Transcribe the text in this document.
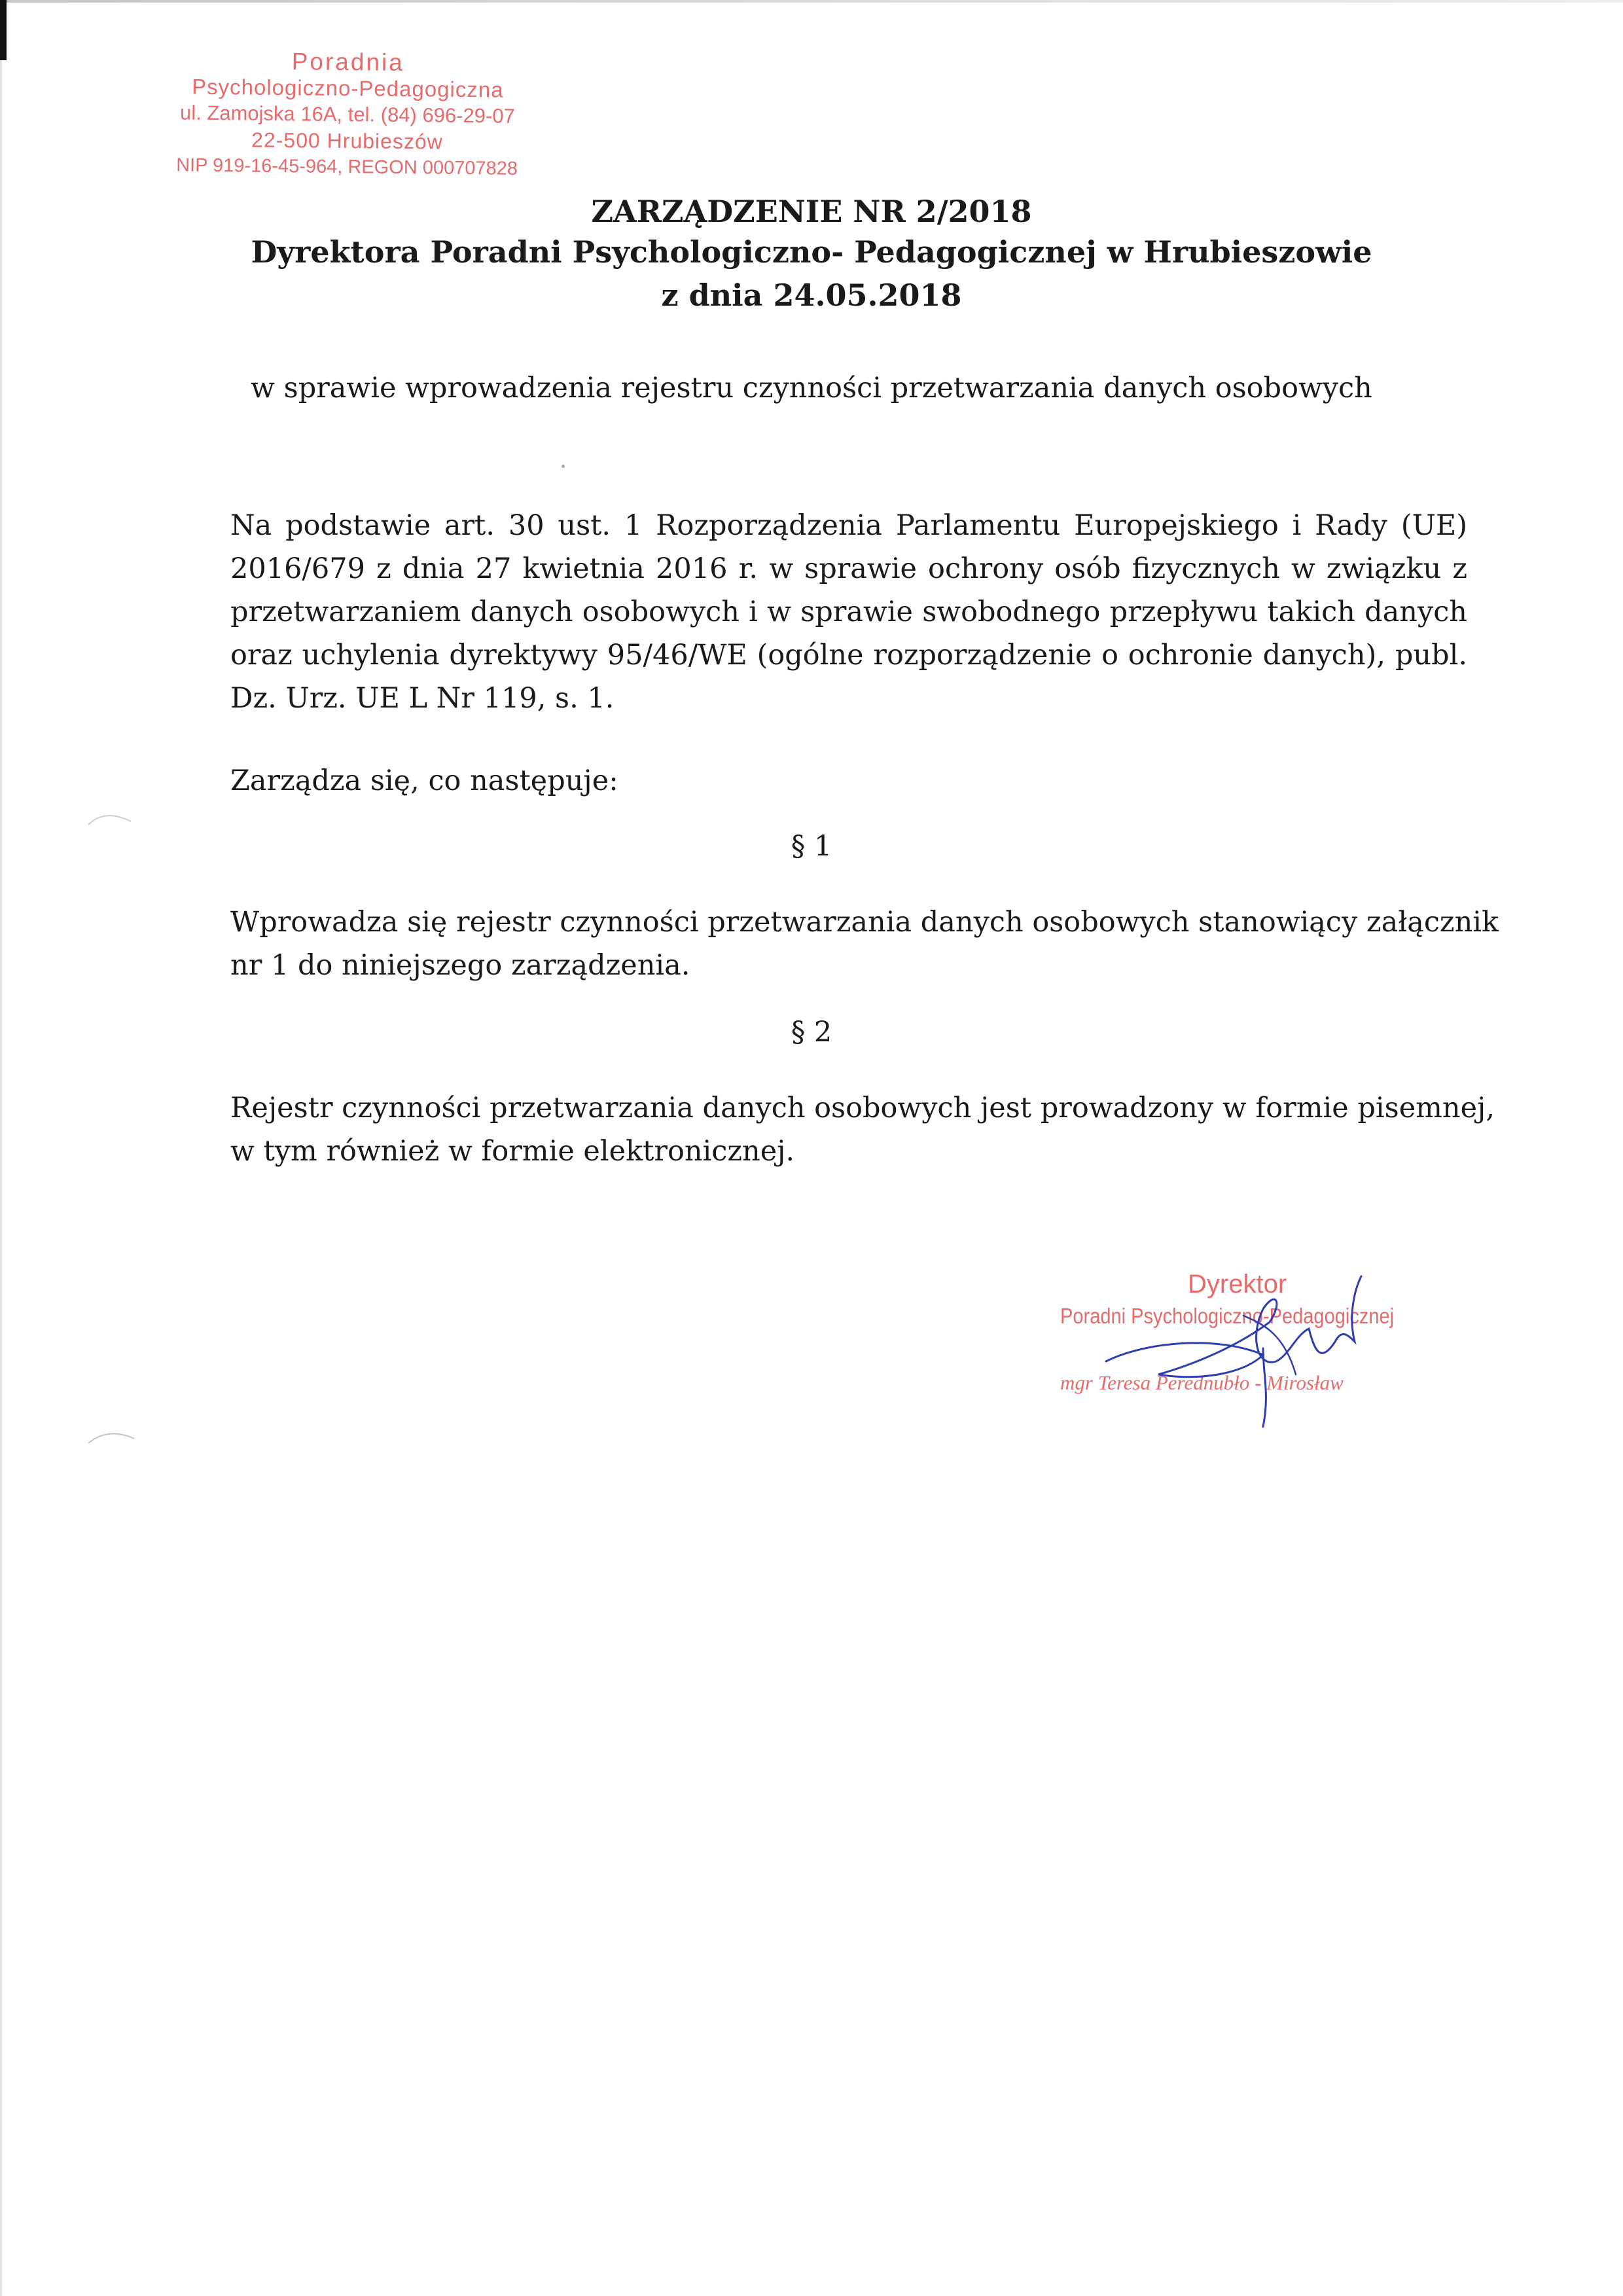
Poradnia
Psychologiczno-Pedagogiczna
ul. Zamojska 16A, tel. (84) 696-29-07
22-500 Hrubieszów
NIP 919-16-45-964, REGON 000707828
ZARZĄDZENIE NR 2/2018
Dyrektora Poradni Psychologiczno- Pedagogicznej w Hrubieszowie
z dnia 24.05.2018
w sprawie wprowadzenia rejestru czynności przetwarzania danych osobowych
Na podstawie art. 30 ust. 1 Rozporządzenia Parlamentu Europejskiego i Rady (UE)
2016/679 z dnia 27 kwietnia 2016 r. w sprawie ochrony osób fizycznych w związku z
przetwarzaniem danych osobowych i w sprawie swobodnego przepływu takich danych
oraz uchylenia dyrektywy 95/46/WE (ogólne rozporządzenie o ochronie danych), publ.
Dz. Urz. UE L Nr 119, s. 1.
Zarządza się, co następuje:
§ 1
Wprowadza się rejestr czynności przetwarzania danych osobowych stanowiący załącznik
nr 1 do niniejszego zarządzenia.
§ 2
Rejestr czynności przetwarzania danych osobowych jest prowadzony w formie pisemnej,
w tym również w formie elektronicznej.
Dyrektor
Poradni Psychologiczno-Pedagogicznej
mgr Teresa Perednubło - Mirosław
